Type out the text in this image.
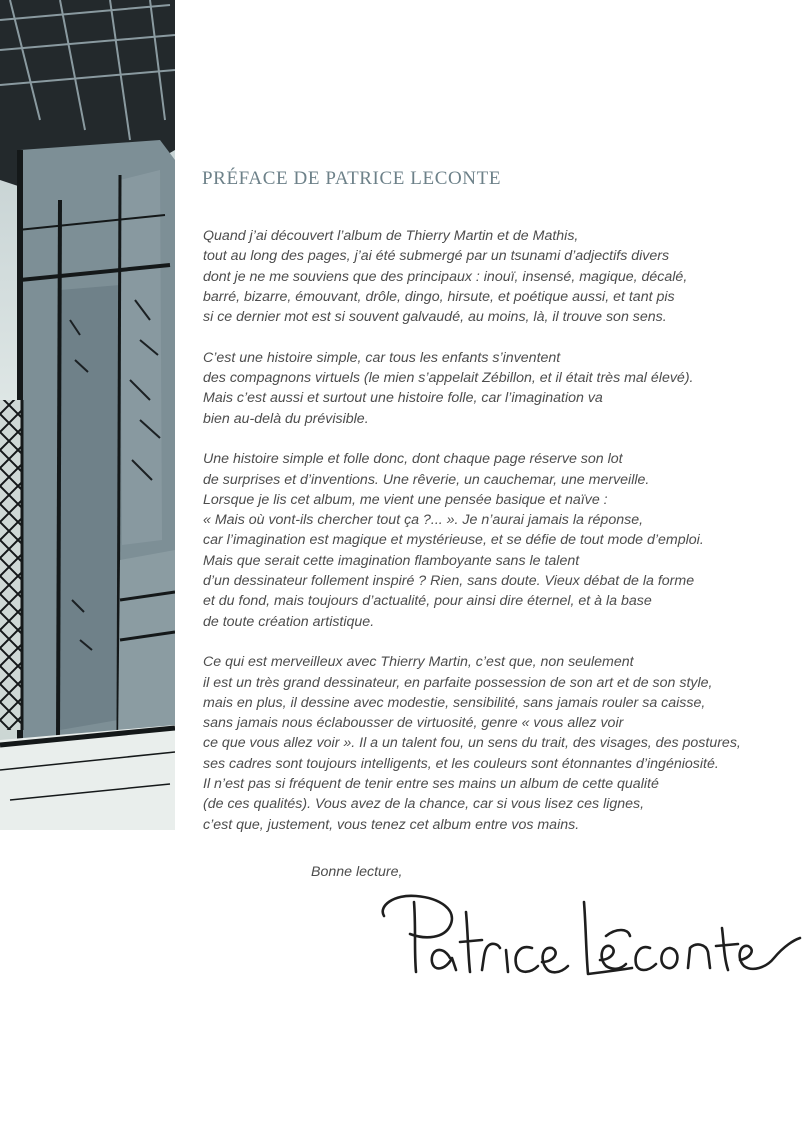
PRÉFACE DE PATRICE LECONTE

Quand j’ai découvert l’album de Thierry Martin et de Mathis,
tout au long des pages, j’ai été submergé par un tsunami d’adjectifs divers
dont je ne me souviens que des principaux : inouï, insensé, magique, décalé,
barré, bizarre, émouvant, drôle, dingo, hirsute, et poétique aussi, et tant pis
si ce dernier mot est si souvent galvaudé, au moins, là, il trouve son sens.

C’est une histoire simple, car tous les enfants s’inventent
des compagnons virtuels (le mien s’appelait Zébillon, et il était très mal élevé).
Mais c’est aussi et surtout une histoire folle, car l’imagination va
bien au-delà du prévisible.

Une histoire simple et folle donc, dont chaque page réserve son lot
de surprises et d’inventions. Une rêverie, un cauchemar, une merveille.
Lorsque je lis cet album, me vient une pensée basique et naïve :
« Mais où vont-ils chercher tout ça ?... ». Je n’aurai jamais la réponse,
car l’imagination est magique et mystérieuse, et se défie de tout mode d’emploi.
Mais que serait cette imagination flamboyante sans le talent
d’un dessinateur follement inspiré ? Rien, sans doute. Vieux débat de la forme
et du fond, mais toujours d’actualité, pour ainsi dire éternel, et à la base
de toute création artistique.

Ce qui est merveilleux avec Thierry Martin, c’est que, non seulement
il est un très grand dessinateur, en parfaite possession de son art et de son style,
mais en plus, il dessine avec modestie, sensibilité, sans jamais rouler sa caisse,
sans jamais nous éclabousser de virtuosité, genre « vous allez voir
ce que vous allez voir ». Il a un talent fou, un sens du trait, des visages, des postures,
ses cadres sont toujours intelligents, et les couleurs sont étonnantes d’ingéniosité.
Il n’est pas si fréquent de tenir entre ses mains un album de cette qualité
(de ces qualités). Vous avez de la chance, car si vous lisez ces lignes,
c’est que, justement, vous tenez cet album entre vos mains.

Bonne lecture,
